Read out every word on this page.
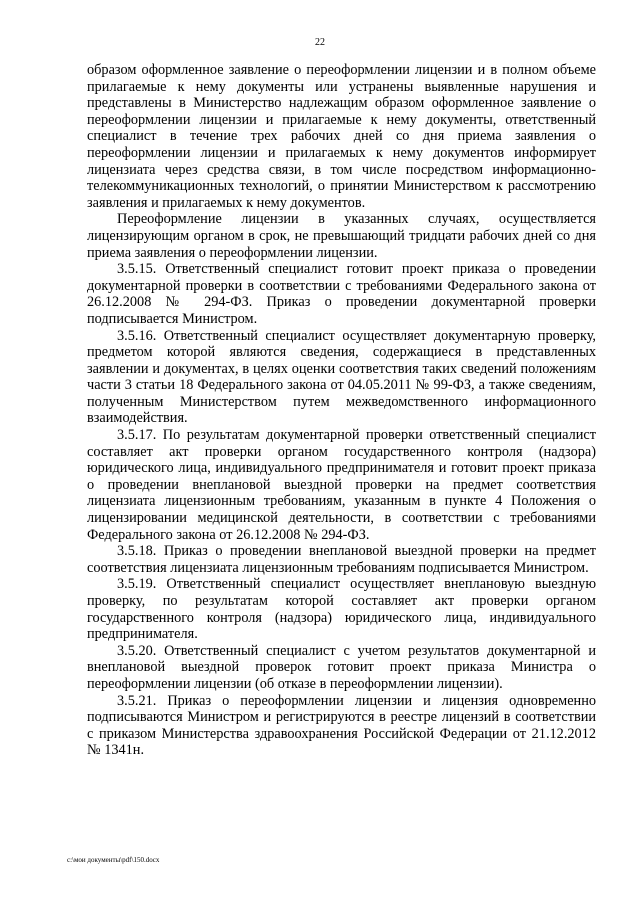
22

образом оформленное заявление о переоформлении лицензии и в полном объеме прилагаемые к нему документы или устранены выявленные нарушения и представлены в Министерство надлежащим образом оформленное заявление о переоформлении лицензии и прилагаемые к нему документы, ответственный специалист в течение трех рабочих дней со дня приема заявления о переоформлении лицензии и прилагаемых к нему документов информирует лицензиата через средства связи, в том числе посредством информационно-телекоммуникационных технологий, о принятии Министерством к рассмотрению заявления и прилагаемых к нему документов.

Переоформление лицензии в указанных случаях, осуществляется лицензирующим органом в срок, не превышающий тридцати рабочих дней со дня приема заявления о переоформлении лицензии.

3.5.15. Ответственный специалист готовит проект приказа о проведении документарной проверки в соответствии с требованиями Федерального закона от 26.12.2008 № 294-ФЗ. Приказ о проведении документарной проверки подписывается Министром.

3.5.16. Ответственный специалист осуществляет документарную проверку, предметом которой являются сведения, содержащиеся в представленных заявлении и документах, в целях оценки соответствия таких сведений положениям части 3 статьи 18 Федерального закона от 04.05.2011 № 99-ФЗ, а также сведениям, полученным Министерством путем межведомственного информационного взаимодействия.

3.5.17. По результатам документарной проверки ответственный специалист составляет акт проверки органом государственного контроля (надзора) юридического лица, индивидуального предпринимателя и готовит проект приказа о проведении внеплановой выездной проверки на предмет соответствия лицензиата лицензионным требованиям, указанным в пункте 4 Положения о лицензировании медицинской деятельности, в соответствии с требованиями Федерального закона от 26.12.2008 № 294-ФЗ.

3.5.18. Приказ о проведении внеплановой выездной проверки на предмет соответствия лицензиата лицензионным требованиям подписывается Министром.

3.5.19. Ответственный специалист осуществляет внеплановую выездную проверку, по результатам которой составляет акт проверки органом государственного контроля (надзора) юридического лица, индивидуального предпринимателя.

3.5.20. Ответственный специалист с учетом результатов документарной и внеплановой выездной проверок готовит проект приказа Министра о переоформлении лицензии (об отказе в переоформлении лицензии).

3.5.21. Приказ о переоформлении лицензии и лицензия одновременно подписываются Министром и регистрируются в реестре лицензий в соответствии с приказом Министерства здравоохранения Российской Федерации от 21.12.2012 № 1341н.

c:\мои документы\pdf\150.docx
